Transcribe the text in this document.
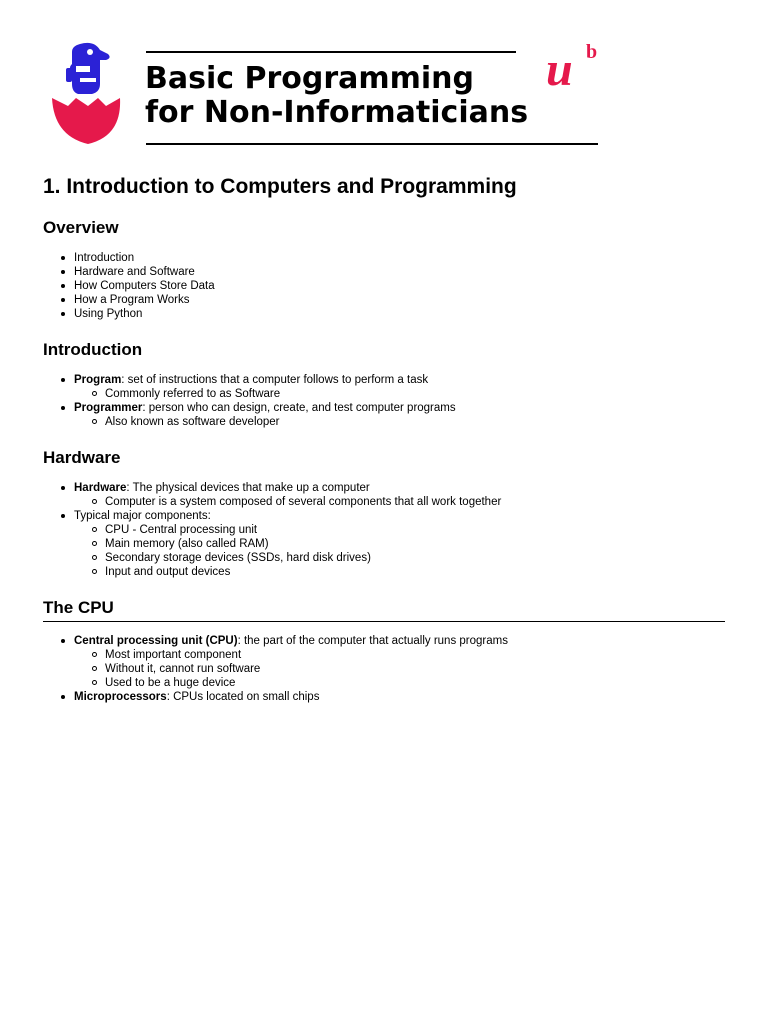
Basic Programming
for Non-Informaticians
u b
1. Introduction to Computers and Programming
Overview
Introduction
Hardware and Software
How Computers Store Data
How a Program Works
Using Python
Introduction
Program: set of instructions that a computer follows to perform a task
Commonly referred to as Software
Programmer: person who can design, create, and test computer programs
Also known as software developer
Hardware
Hardware: The physical devices that make up a computer
Computer is a system composed of several components that all work together
Typical major components:
CPU - Central processing unit
Main memory (also called RAM)
Secondary storage devices (SSDs, hard disk drives)
Input and output devices
The CPU
Central processing unit (CPU): the part of the computer that actually runs programs
Most important component
Without it, cannot run software
Used to be a huge device
Microprocessors: CPUs located on small chips
